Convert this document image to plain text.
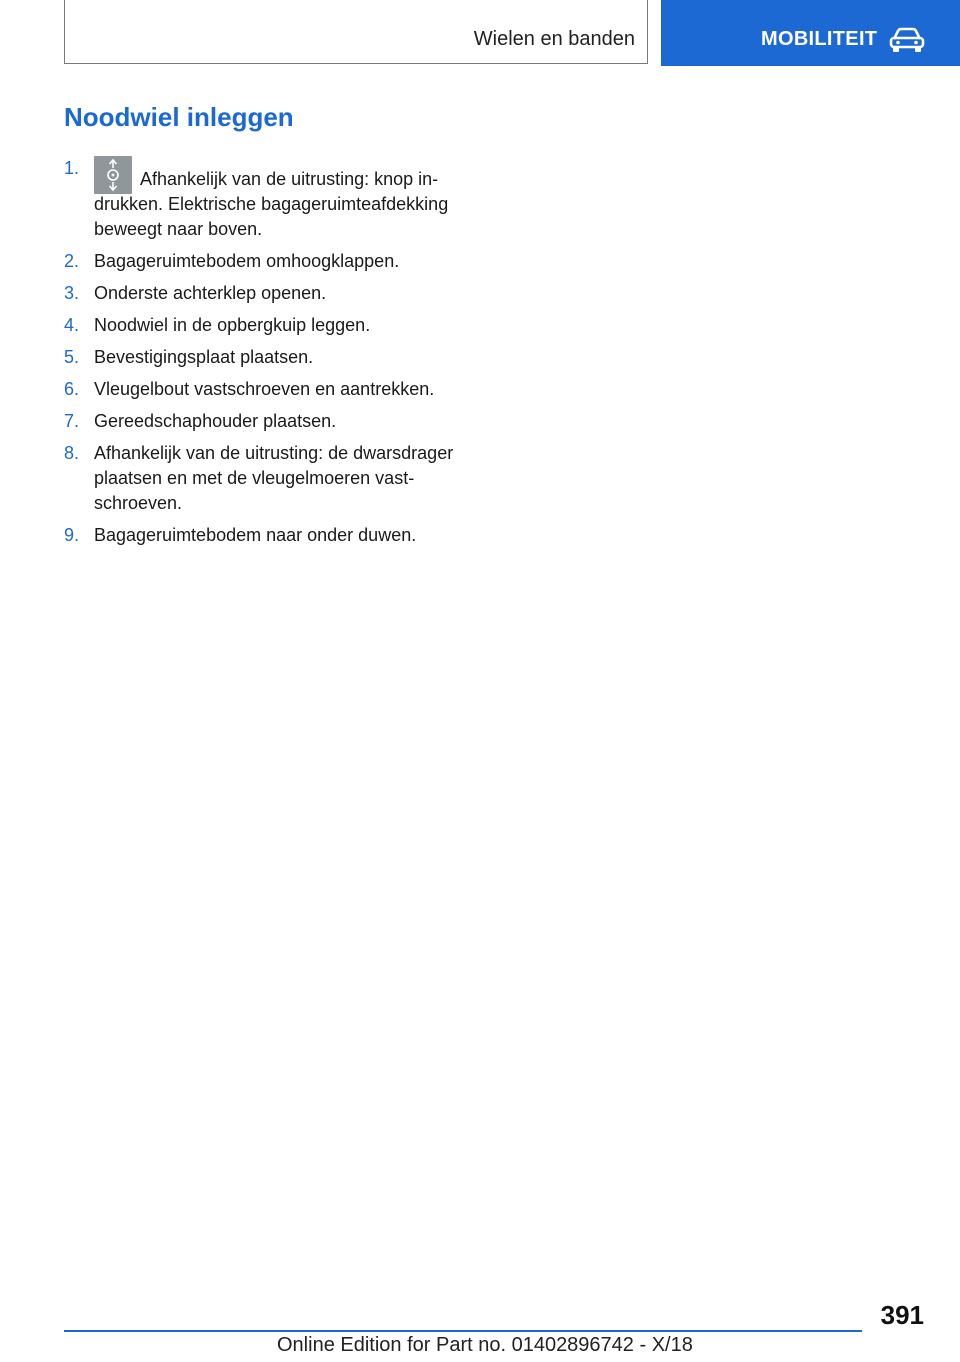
Wielen en banden	MOBILITEIT
Noodwiel inleggen
1.
Afhankelijk van de uitrusting: knop in-drukken. Elektrische bagageruimteafdekking beweegt naar boven.
2. Bagageruimtebodem omhoogklappen.
3. Onderste achterklep openen.
4. Noodwiel in de opbergkuip leggen.
5. Bevestigingsplaat plaatsen.
6. Vleugelbout vastschroeven en aantrekken.
7. Gereedschaphouder plaatsen.
8. Afhankelijk van de uitrusting: de dwarsdrager plaatsen en met de vleugelmoeren vast-schroeven.
9. Bagageruimtebodem naar onder duwen.
391
Online Edition for Part no. 01402896742 - X/18
